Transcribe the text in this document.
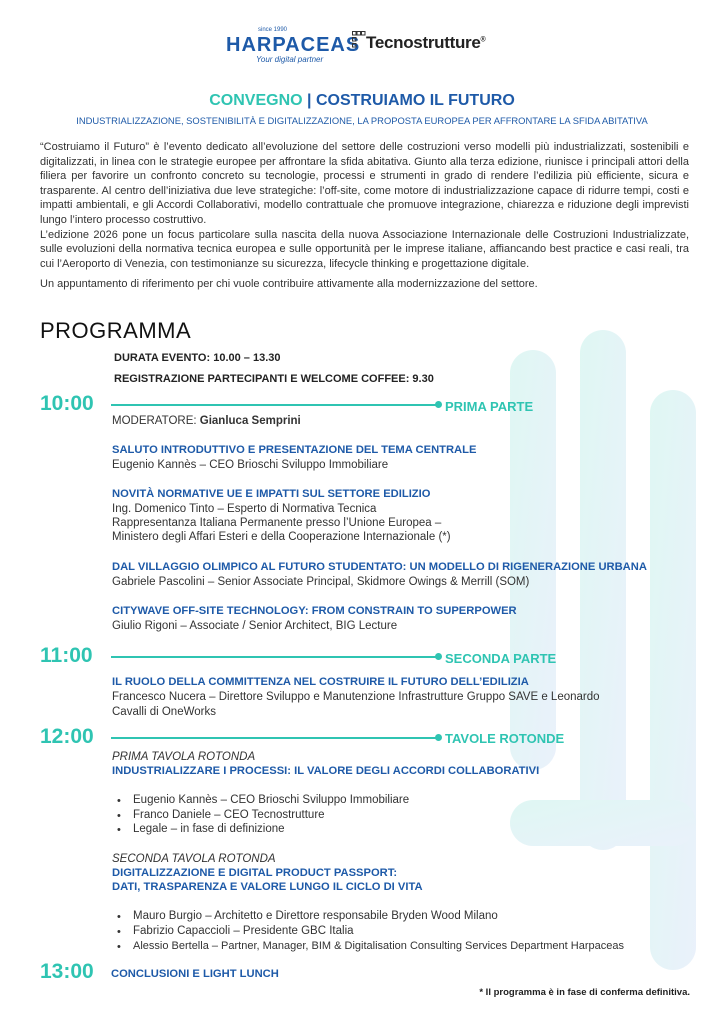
since 1990
HARPACEAS
Your digital partner
Tecnostrutture®
CONVEGNO | COSTRUIAMO IL FUTURO
INDUSTRIALIZZAZIONE, SOSTENIBILITÀ E DIGITALIZZAZIONE, LA PROPOSTA EUROPEA PER AFFRONTARE LA SFIDA ABITATIVA

“Costruiamo il Futuro” è l’evento dedicato all’evoluzione del settore delle costruzioni verso modelli più industrializzati, sostenibili e digitalizzati, in linea con le strategie europee per affrontare la sfida abitativa. Giunto alla terza edizione, riunisce i principali attori della filiera per favorire un confronto concreto su tecnologie, processi e strumenti in grado di rendere l’edilizia più efficiente, sicura e trasparente. Al centro dell’iniziativa due leve strategiche: l’off-site, come motore di industrializzazione capace di ridurre tempi, costi e impatti ambientali, e gli Accordi Collaborativi, modello contrattuale che promuove integrazione, chiarezza e riduzione degli imprevisti lungo l’intero processo costruttivo.

L’edizione 2026 pone un focus particolare sulla nascita della nuova Associazione Internazionale delle Costruzioni Industrializzate, sulle evoluzioni della normativa tecnica europea e sulle opportunità per le imprese italiane, affiancando best practice e casi reali, tra cui l’Aeroporto di Venezia, con testimonianze su sicurezza, lifecycle thinking e progettazione digitale.

Un appuntamento di riferimento per chi vuole contribuire attivamente alla modernizzazione del settore.

PROGRAMMA
DURATA EVENTO: 10.00 – 13.30
REGISTRAZIONE PARTECIPANTI E WELCOME COFFEE: 9.30
10:00	PRIMA PARTE
MODERATORE: Gianluca Semprini
SALUTO INTRODUTTIVO E PRESENTAZIONE DEL TEMA CENTRALE
Eugenio Kannès – CEO Brioschi Sviluppo Immobiliare
NOVITÀ NORMATIVE UE E IMPATTI SUL SETTORE EDILIZIO
Ing. Domenico Tinto – Esperto di Normativa Tecnica
Rappresentanza Italiana Permanente presso l’Unione Europea –
Ministero degli Affari Esteri e della Cooperazione Internazionale (*)
DAL VILLAGGIO OLIMPICO AL FUTURO STUDENTATO: UN MODELLO DI RIGENERAZIONE URBANA
Gabriele Pascolini – Senior Associate Principal, Skidmore Owings & Merrill (SOM)
CITYWAVE OFF-SITE TECHNOLOGY: FROM CONSTRAIN TO SUPERPOWER
Giulio Rigoni – Associate / Senior Architect, BIG Lecture
11:00	SECONDA PARTE
IL RUOLO DELLA COMMITTENZA NEL COSTRUIRE IL FUTURO DELL’EDILIZIA
Francesco Nucera – Direttore Sviluppo e Manutenzione Infrastrutture Gruppo SAVE e Leonardo
Cavalli di OneWorks
12:00	TAVOLE ROTONDE
PRIMA TAVOLA ROTONDA
INDUSTRIALIZZARE I PROCESSI: IL VALORE DEGLI ACCORDI COLLABORATIVI
• Eugenio Kannès – CEO Brioschi Sviluppo Immobiliare
• Franco Daniele – CEO Tecnostrutture
• Legale – in fase di definizione
SECONDA TAVOLA ROTONDA
DIGITALIZZAZIONE E DIGITAL PRODUCT PASSPORT:
DATI, TRASPARENZA E VALORE LUNGO IL CICLO DI VITA
• Mauro Burgio – Architetto e Direttore responsabile Bryden Wood Milano
• Fabrizio Capaccioli – Presidente GBC Italia
• Alessio Bertella – Partner, Manager, BIM & Digitalisation Consulting Services Department Harpaceas
13:00 CONCLUSIONI E LIGHT LUNCH
* Il programma è in fase di conferma definitiva.
